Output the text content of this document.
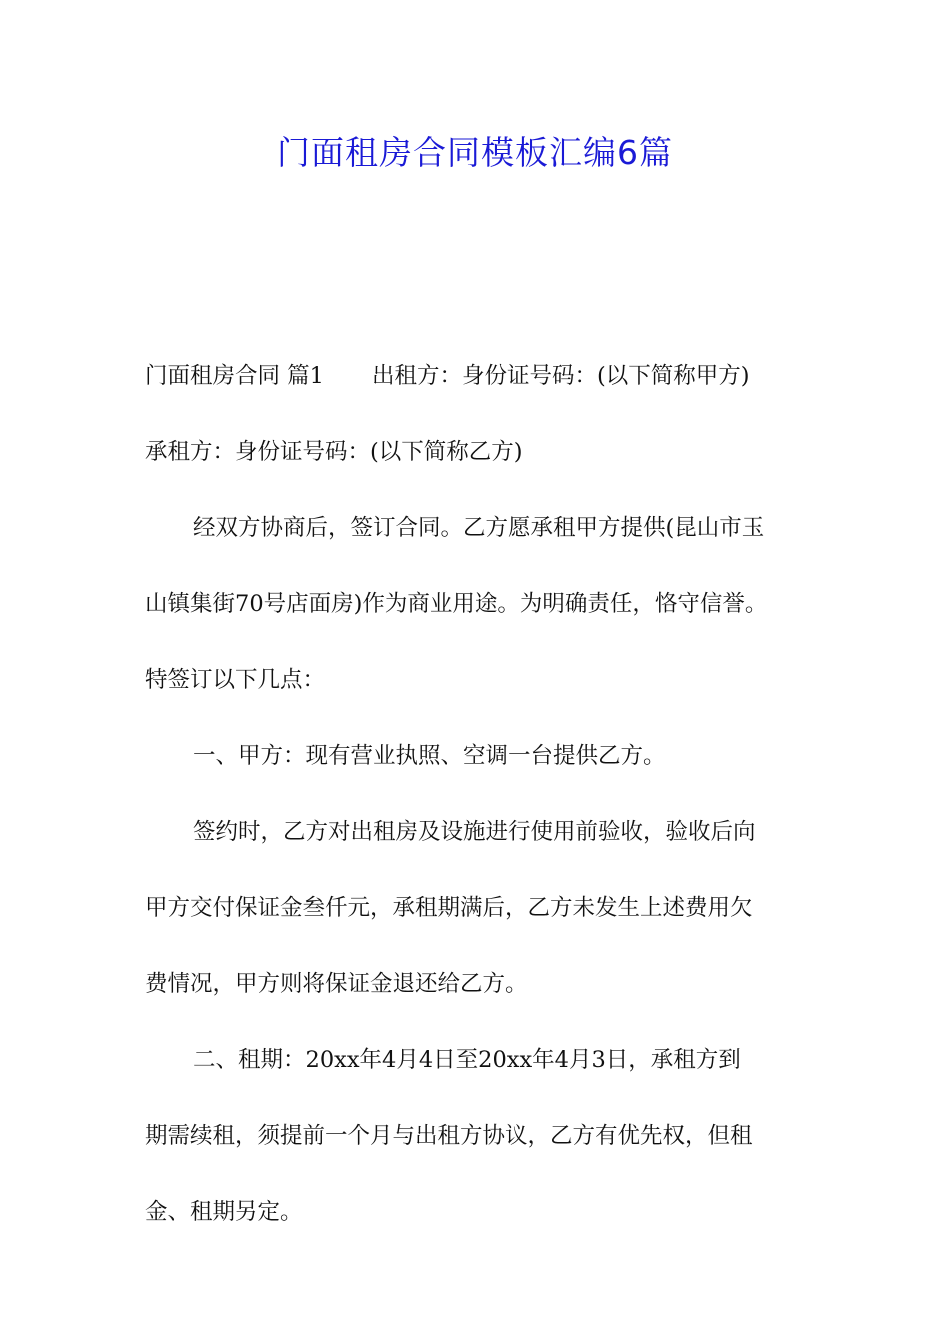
门面租房合同模板汇编6篇
门面租房合同 篇1 出租方：身份证号码：(以下简称甲方)
承租方：身份证号码：(以下简称乙方)
经双方协商后，签订合同。乙方愿承租甲方提供(昆山市玉
山镇集街70号店面房)作为商业用途。为明确责任，恪守信誉。
特签订以下几点：
一、甲方：现有营业执照、空调一台提供乙方。
签约时，乙方对出租房及设施进行使用前验收，验收后向
甲方交付保证金叁仟元，承租期满后，乙方未发生上述费用欠
费情况，甲方则将保证金退还给乙方。
二、租期：20xx年4月4日至20xx年4月3日，承租方到
期需续租，须提前一个月与出租方协议，乙方有优先权，但租
金、租期另定。
